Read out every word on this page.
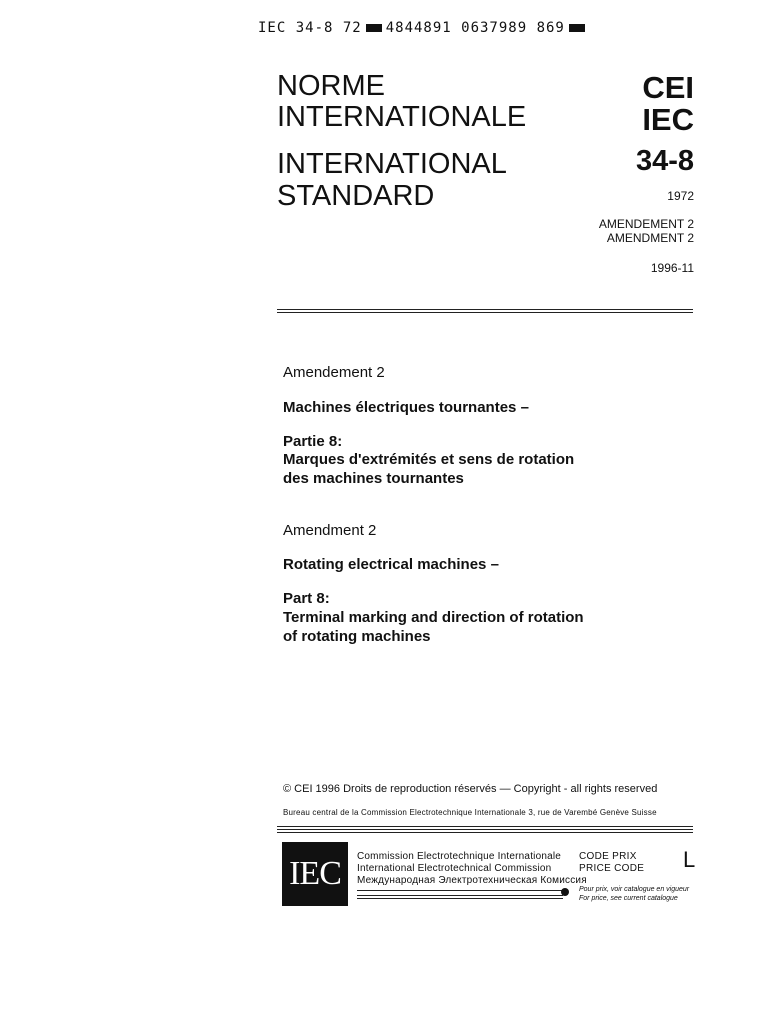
IEC 34-8 72 4844891 0637989 869
NORME
INTERNATIONALE
INTERNATIONAL
STANDARD
CEI
IEC
34-8
1972
AMENDEMENT 2
AMENDMENT 2
1996-11
Amendement 2
Machines électriques tournantes –
Partie 8:
Marques d'extrémités et sens de rotation
des machines tournantes
Amendment 2
Rotating electrical machines –
Part 8:
Terminal marking and direction of rotation
of rotating machines
© CEI 1996 Droits de reproduction réservés — Copyright - all rights reserved
Bureau central de la Commission Electrotechnique Internationale 3, rue de Varembé Genève Suisse
IEC Commission Electrotechnique Internationale
International Electrotechnical Commission
Международная Электротехническая Комиссия
CODE PRIX
PRICE CODE L
Pour prix, voir catalogue en vigueur
For price, see current catalogue
